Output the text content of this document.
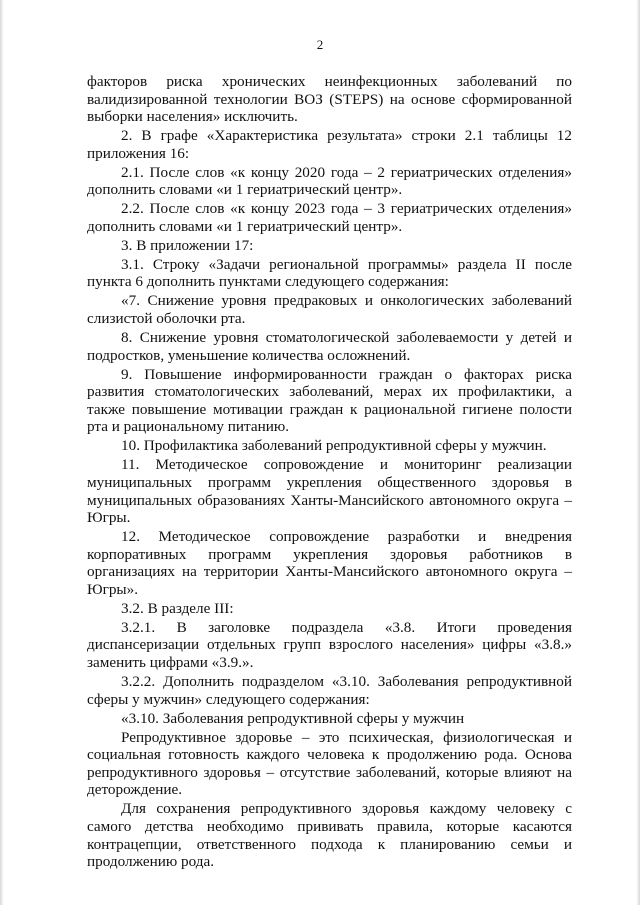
2

факторов риска хронических неинфекционных заболеваний по валидизированной технологии ВОЗ (STEPS) на основе сформированной выборки населения» исключить.

2. В графе «Характеристика результата» строки 2.1 таблицы 12 приложения 16:

2.1. После слов «к концу 2020 года – 2 гериатрических отделения» дополнить словами «и 1 гериатрический центр».

2.2. После слов «к концу 2023 года – 3 гериатрических отделения» дополнить словами «и 1 гериатрический центр».

3. В приложении 17:

3.1. Строку «Задачи региональной программы» раздела II после пункта 6 дополнить пунктами следующего содержания:

«7. Снижение уровня предраковых и онкологических заболеваний слизистой оболочки рта.

8. Снижение уровня стоматологической заболеваемости у детей и подростков, уменьшение количества осложнений.

9. Повышение информированности граждан о факторах риска развития стоматологических заболеваний, мерах их профилактики, а также повышение мотивации граждан к рациональной гигиене полости рта и рациональному питанию.

10. Профилактика заболеваний репродуктивной сферы у мужчин.

11. Методическое сопровождение и мониторинг реализации муниципальных программ укрепления общественного здоровья в муниципальных образованиях Ханты-Мансийского автономного округа – Югры.

12. Методическое сопровождение разработки и внедрения корпоративных программ укрепления здоровья работников в организациях на территории Ханты-Мансийского автономного округа – Югры».

3.2. В разделе III:

3.2.1. В заголовке подраздела «3.8. Итоги проведения диспансеризации отдельных групп взрослого населения» цифры «3.8.» заменить цифрами «3.9.».

3.2.2. Дополнить подразделом «3.10. Заболевания репродуктивной сферы у мужчин» следующего содержания:

«3.10. Заболевания репродуктивной сферы у мужчин

Репродуктивное здоровье – это психическая, физиологическая и социальная готовность каждого человека к продолжению рода. Основа репродуктивного здоровья – отсутствие заболеваний, которые влияют на деторождение.

Для сохранения репродуктивного здоровья каждому человеку с самого детства необходимо прививать правила, которые касаются контрацепции, ответственного подхода к планированию семьи и продолжению рода.
